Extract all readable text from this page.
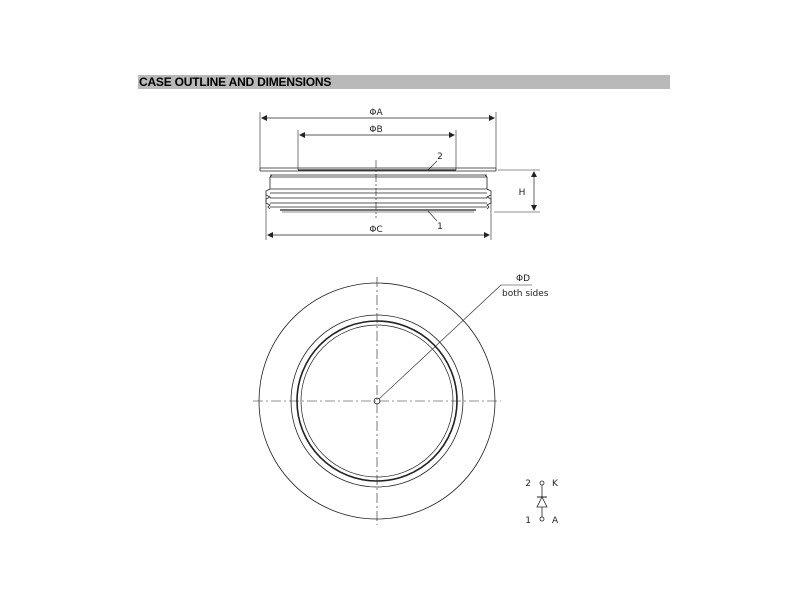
CASE OUTLINE AND DIMENSIONS
ΦA
ΦB
ΦC
H
2
1
ΦD
both sides
2 K
1 A
